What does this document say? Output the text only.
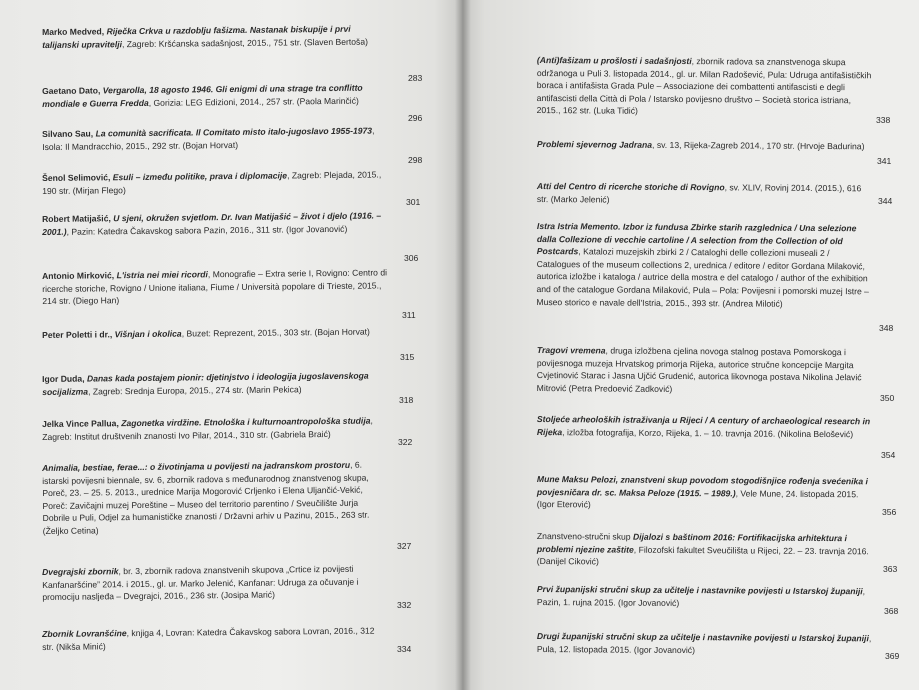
Marko Medved, Riječka Crkva u razdoblju fašizma. Nastanak biskupije i prvi talijanski upravitelji, Zagreb: Kršćanska sadašnjost, 2015., 751 str. (Slaven Bertoša)
283
Gaetano Dato, Vergarolla, 18 agosto 1946. Gli enigmi di una strage tra conflitto mondiale e Guerra Fredda, Gorizia: LEG Edizioni, 2014., 257 str. (Paola Marinčić)
296
Silvano Sau, La comunità sacrificata. Il Comitato misto italo-jugoslavo 1955-1973, Isola: Il Mandracchio, 2015., 292 str. (Bojan Horvat)
298
Šenol Selimović, Esuli – između politike, prava i diplomacije, Zagreb: Plejada, 2015., 190 str. (Mirjan Flego)
301
Robert Matijašić, U sjeni, okružen svjetlom. Dr. Ivan Matijašić – život i djelo (1916. – 2001.), Pazin: Katedra Čakavskog sabora Pazin, 2016., 311 str. (Igor Jovanović)
306
Antonio Mirković, L'istria nei miei ricordi, Monografie – Extra serie I, Rovigno: Centro di ricerche storiche, Rovigno / Unione italiana, Fiume / Università popolare di Trieste, 2015., 214 str. (Diego Han)
311
Peter Poletti i dr., Višnjan i okolica, Buzet: Reprezent, 2015., 303 str. (Bojan Horvat)
315
Igor Duda, Danas kada postajem pionir: djetinjstvo i ideologija jugoslavenskoga socijalizma, Zagreb: Srednja Europa, 2015., 274 str. (Marin Pekica)
318
Jelka Vince Pallua, Zagonetka virdžine. Etnološka i kulturnoantropološka studija, Zagreb: Institut društvenih znanosti Ivo Pilar, 2014., 310 str. (Gabriela Braić)
322
Animalia, bestiae, ferae...: o životinjama u povijesti na jadranskom prostoru, 6. istarski povijesni biennale, sv. 6, zbornik radova s međunarodnog znanstvenog skupa, Poreč, 23. – 25. 5. 2013., urednice Marija Mogorović Crljenko i Elena Uljančić-Vekić, Poreč: Zavičajni muzej Poreštine – Museo del territorio parentino / Sveučilište Jurja Dobrile u Puli, Odjel za humanističke znanosti / Državni arhiv u Pazinu, 2015., 263 str. (Željko Cetina)
327
Dvegrajski zbornik, br. 3, zbornik radova znanstvenih skupova „Crtice iz povijesti Kanfanaršćine” 2014. i 2015., gl. ur. Marko Jelenić, Kanfanar: Udruga za očuvanje i promociju nasljeđa – Dvegrajci, 2016., 236 str. (Josipa Marić)
332
Zbornik Lovranšćine, knjiga 4, Lovran: Katedra Čakavskog sabora Lovran, 2016., 312 str. (Nikša Minić)	334
(Anti)fašizam u prošlosti i sadašnjosti, zbornik radova sa znanstvenoga skupa održanoga u Puli 3. listopada 2014., gl. ur. Milan Radošević, Pula: Udruga antifašističkih boraca i antifašista Grada Pule – Associazione dei combattenti antifascisti e degli antifascisti della Città di Pola / Istarsko povijesno društvo – Società storica istriana, 2015., 162 str. (Luka Tidić)
338
Problemi sjevernog Jadrana, sv. 13, Rijeka-Zagreb 2014., 170 str. (Hrvoje Badurina)
341
Atti del Centro di ricerche storiche di Rovigno, sv. XLIV, Rovinj 2014. (2015.), 616 str. (Marko Jelenić)	344
Istra Istria Memento. Izbor iz fundusa Zbirke starih razglednica / Una selezione dalla Collezione di vecchie cartoline / A selection from the Collection of old Postcards, Katalozi muzejskih zbirki 2 / Cataloghi delle collezioni museali 2 / Catalogues of the museum collections 2, urednica / editore / editor Gordana Milaković, autorica izložbe i kataloga / autrice della mostra e del catalogo / author of the exhibition and of the catalogue Gordana Milaković, Pula – Pola: Povijesni i pomorski muzej Istre – Museo storico e navale dell'Istria, 2015., 393 str. (Andrea Milotić)
348
Tragovi vremena, druga izložbena cjelina novoga stalnog postava Pomorskoga i povijesnoga muzeja Hrvatskog primorja Rijeka, autorice stručne koncepcije Margita Cvjetinović Starac i Jasna Ujčić Grudenić, autorica likovnoga postava Nikolina Jelavić Mitrović (Petra Predoević Zadković)
350
Stoljeće arheoloških istraživanja u Rijeci / A century of archaeological research in Rijeka, izložba fotografija, Korzo, Rijeka, 1. – 10. travnja 2016. (Nikolina Belošević)
354
Mune Maksu Pelozi, znanstveni skup povodom stogodišnjice rođenja svećenika i povjesničara dr. sc. Maksa Peloze (1915. – 1989.), Vele Mune, 24. listopada 2015. (Igor Eterović)
356
Znanstveno-stručni skup Dijalozi s baštinom 2016: Fortifikacijska arhitektura i problemi njezine zaštite, Filozofski fakultet Sveučilišta u Rijeci, 22. – 23. travnja 2016. (Danijel Ciković)
363
Prvi županijski stručni skup za učitelje i nastavnike povijesti u Istarskoj županiji, Pazin, 1. rujna 2015. (Igor Jovanović)
368
Drugi županijski stručni skup za učitelje i nastavnike povijesti u Istarskoj županiji, Pula, 12. listopada 2015. (Igor Jovanović)
369
